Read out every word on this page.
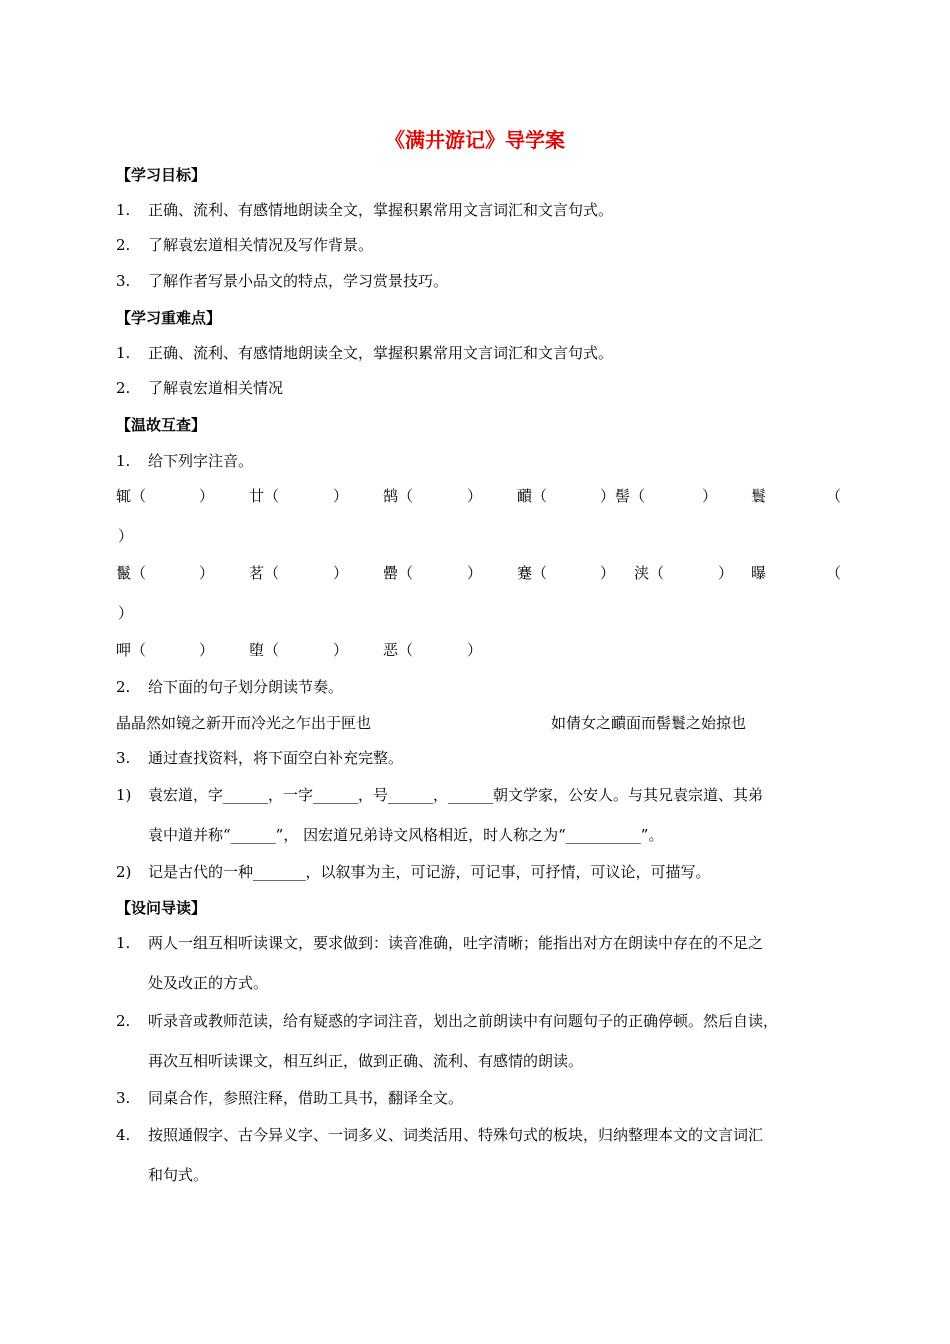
《满井游记》导学案
【学习目标】
1. 正确、流利、有感情地朗读全文，掌握积累常用文言词汇和文言句式。
2. 了解袁宏道相关情况及写作背景。
3. 了解作者写景小品文的特点，学习赏景技巧。
【学习重难点】
1. 正确、流利、有感情地朗读全文，掌握积累常用文言词汇和文言句式。
2. 了解袁宏道相关情况
【温故互查】
1. 给下列字注音。
辄（	） 廿（	） 鹄（	） 靧（	）髻（	） 鬟	（
）
鬣（	） 茗（	） 罍（	） 蹇（	） 浃（	） 曝	（
）
呷（	） 堕（	） 恶（	）
2. 给下面的句子划分朗读节奏。
晶晶然如镜之新开而冷光之乍出于匣也	如倩女之靧面而髻鬟之始掠也
3. 通过查找资料，将下面空白补充完整。
1) 袁宏道，字______，一字______，号______，______朝文学家，公安人。与其兄袁宗道、其弟
袁中道并称“______”， 因宏道兄弟诗文风格相近，时人称之为“__________”。
2) 记是古代的一种_______，以叙事为主，可记游，可记事，可抒情，可议论，可描写。
【设问导读】
1. 两人一组互相听读课文，要求做到：读音准确，吐字清晰；能指出对方在朗读中存在的不足之
处及改正的方式。
2. 听录音或教师范读，给有疑惑的字词注音，划出之前朗读中有问题句子的正确停顿。然后自读，
再次互相听读课文，相互纠正，做到正确、流利、有感情的朗读。
3. 同桌合作，参照注释，借助工具书，翻译全文。
4. 按照通假字、古今异义字、一词多义、词类活用、特殊句式的板块，归纳整理本文的文言词汇
和句式。
